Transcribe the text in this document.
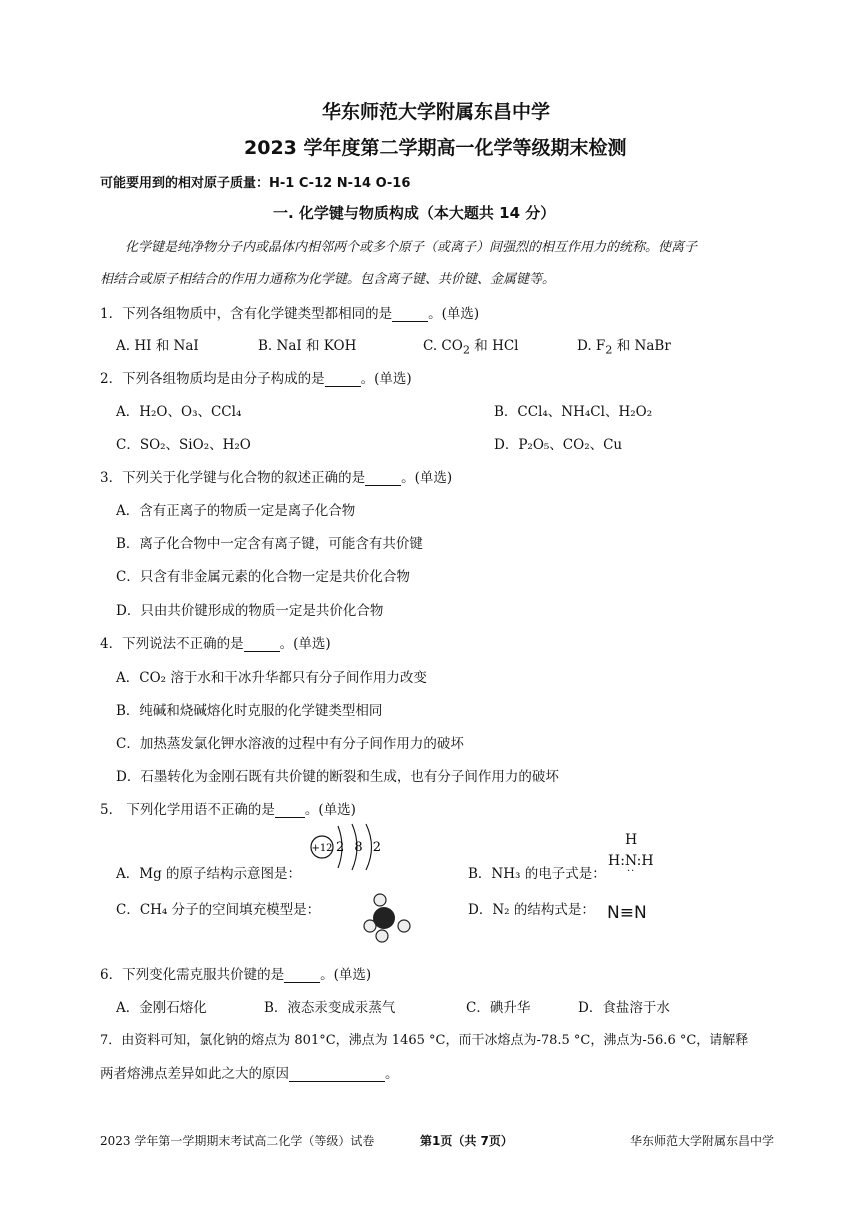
华东师范大学附属东昌中学
2023 学年度第二学期高一化学等级期末检测
可能要用到的相对原子质量：H-1 C-12 N-14 O-16
一. 化学键与物质构成（本大题共 14 分）
化学键是纯净物分子内或晶体内相邻两个或多个原子（或离子）间强烈的相互作用力的统称。使离子
相结合或原子相结合的作用力通称为化学键。包含离子键、共价键、金属键等。
1．下列各组物质中，含有化学键类型都相同的是	。(单选)
A. HI 和 NaI	B. NaI 和 KOH	C. $CO_2$ 和 HCl	D. $F_2$ 和 NaBr
2．下列各组物质均是由分子构成的是	。(单选)
A．H₂O、O₃、CCl₄	B．CCl₄、NH₄Cl、H₂O₂
C．SO₂、SiO₂、H₂O	D．P₂O₅、CO₂、Cu
3．下列关于化学键与化合物的叙述正确的是	。(单选)
A．含有正离子的物质一定是离子化合物
B．离子化合物中一定含有离子键，可能含有共价键
C．只含有非金属元素的化合物一定是共价化合物
D．只由共价键形成的物质一定是共价化合物
4．下列说法不正确的是	。(单选)
A．CO₂ 溶于水和干冰升华都只有分子间作用力改变
B．纯碱和烧碱熔化时克服的化学键类型相同
C．加热蒸发氯化钾水溶液的过程中有分子间作用力的破坏
D．石墨转化为金刚石既有共价键的断裂和生成，也有分子间作用力的破坏
5． 下列化学用语不正确的是 。(单选)
+12 2 8 2	H
H:N:H
··
A．Mg 的原子结构示意图是：	B．NH₃ 的电子式是：
C．CH₄ 分子的空间填充模型是：	D．N₂ 的结构式是： N≡N
6．下列变化需克服共价键的是	。(单选)
A．金刚石熔化	B．液态汞变成汞蒸气	C．碘升华	D．食盐溶于水
7．由资料可知，氯化钠的熔点为 801°C，沸点为 1465 °C，而干冰熔点为-78.5 °C，沸点为-56.6 °C，请解释
两者熔沸点差异如此之大的原因	。
2023 学年第一学期期末考试高二化学（等级）试卷	第1页（共 7页）	华东师范大学附属东昌中学
